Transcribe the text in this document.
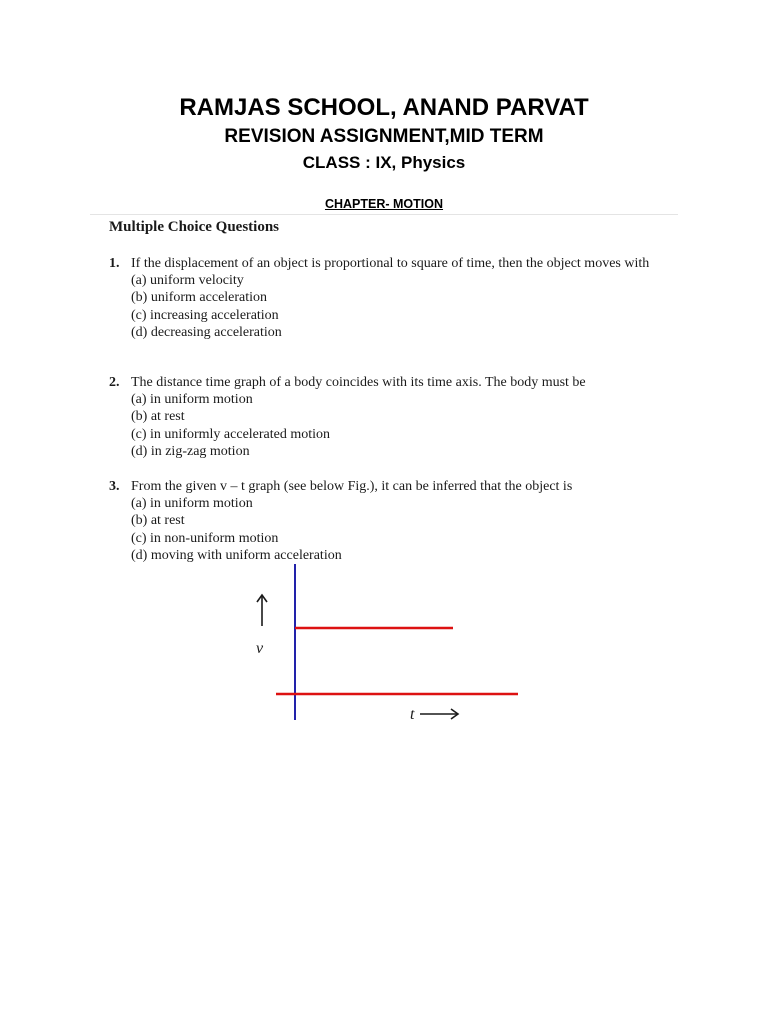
RAMJAS SCHOOL, ANAND PARVAT
REVISION ASSIGNMENT,MID TERM
CLASS : IX, Physics
CHAPTER- MOTION
Multiple Choice Questions
1. If the displacement of an object is proportional to square of time, then the object moves with
(a) uniform velocity
(b) uniform acceleration
(c) increasing acceleration
(d) decreasing acceleration
2. The distance time graph of a body coincides with its time axis. The body must be
(a) in uniform motion
(b) at rest
(c) in uniformly accelerated motion
(d) in zig-zag motion
3. From the given v – t graph (see below Fig.), it can be inferred that the object is
(a) in uniform motion
(b) at rest
(c) in non-uniform motion
(d) moving with uniform acceleration
v
t
